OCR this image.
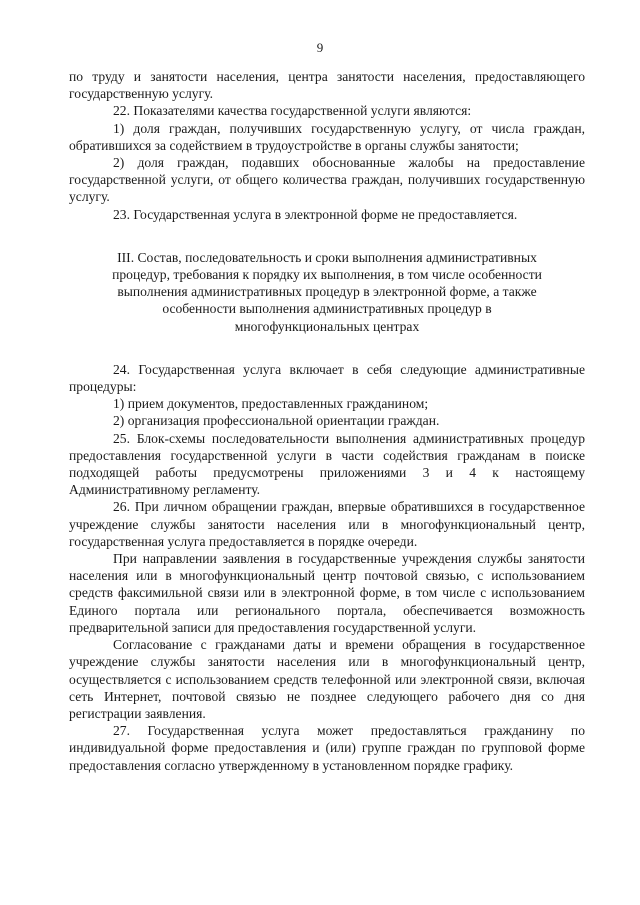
9

по труду и занятости населения, центра занятости населения, предоставляющего государственную услугу.

22. Показателями качества государственной услуги являются:

1) доля граждан, получивших государственную услугу, от числа граждан, обратившихся за содействием в трудоустройстве в органы службы занятости;

2) доля граждан, подавших обоснованные жалобы на предоставление государственной услуги, от общего количества граждан, получивших государственную услугу.

23. Государственная услуга в электронной форме не предоставляется.

III. Состав, последовательность и сроки выполнения административных
процедур, требования к порядку их выполнения, в том числе особенности
выполнения административных процедур в электронной форме, а также
особенности выполнения административных процедур в
многофункциональных центрах

24. Государственная услуга включает в себя следующие административные процедуры:

1) прием документов, предоставленных гражданином;

2) организация профессиональной ориентации граждан.

25. Блок-схемы последовательности выполнения административных процедур предоставления государственной услуги в части содействия гражданам в поиске подходящей работы предусмотрены приложениями 3 и 4 к настоящему Административному регламенту.

26. При личном обращении граждан, впервые обратившихся в государственное учреждение службы занятости населения или в многофункциональный центр, государственная услуга предоставляется в порядке очереди.

При направлении заявления в государственные учреждения службы занятости населения или в многофункциональный центр почтовой связью, с использованием средств факсимильной связи или в электронной форме, в том числе с использованием Единого портала или регионального портала, обеспечивается возможность предварительной записи для предоставления государственной услуги.

Согласование с гражданами даты и времени обращения в государственное учреждение службы занятости населения или в многофункциональный центр, осуществляется с использованием средств телефонной или электронной связи, включая сеть Интернет, почтовой связью не позднее следующего рабочего дня со дня регистрации заявления.

27. Государственная услуга может предоставляться гражданину по индивидуальной форме предоставления и (или) группе граждан по групповой форме предоставления согласно утвержденному в установленном порядке графику.
